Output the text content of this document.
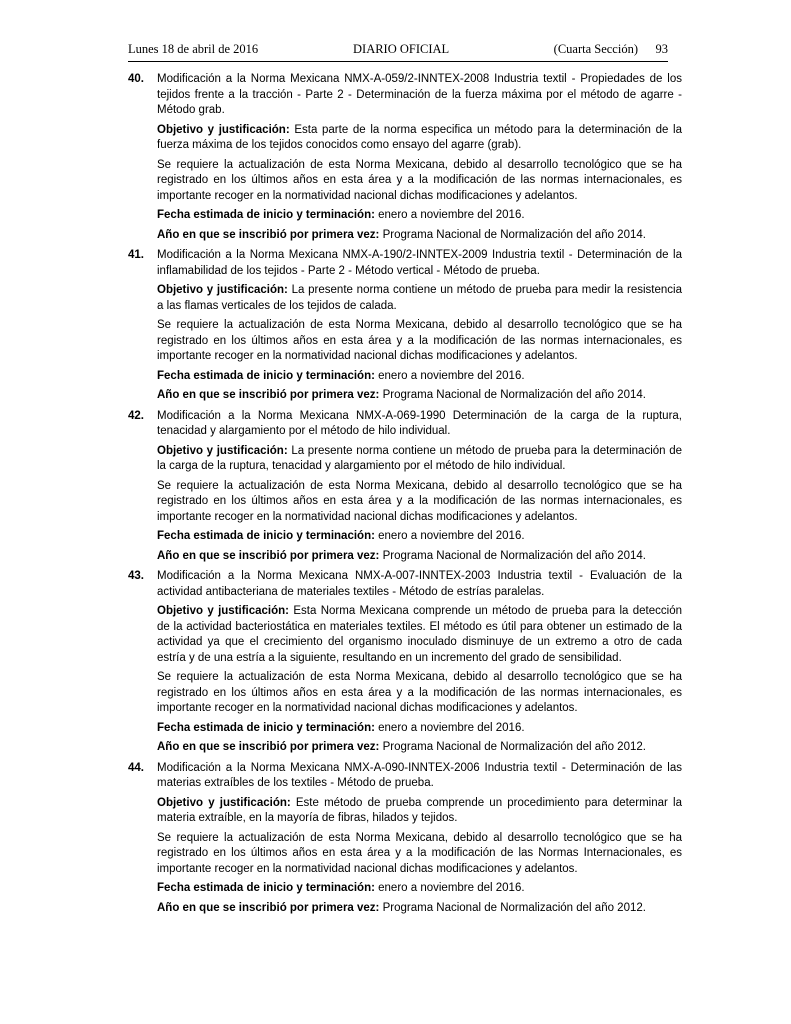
Lunes 18 de abril de 2016	DIARIO OFICIAL	(Cuarta Sección) 93
40. Modificación a la Norma Mexicana NMX-A-059/2-INNTEX-2008 Industria textil - Propiedades de los tejidos frente a la tracción - Parte 2 - Determinación de la fuerza máxima por el método de agarre - Método grab.

Objetivo y justificación: Esta parte de la norma especifica un método para la determinación de la fuerza máxima de los tejidos conocidos como ensayo del agarre (grab).

Se requiere la actualización de esta Norma Mexicana, debido al desarrollo tecnológico que se ha registrado en los últimos años en esta área y a la modificación de las normas internacionales, es importante recoger en la normatividad nacional dichas modificaciones y adelantos.

Fecha estimada de inicio y terminación: enero a noviembre del 2016.

Año en que se inscribió por primera vez: Programa Nacional de Normalización del año 2014.

41. Modificación a la Norma Mexicana NMX-A-190/2-INNTEX-2009 Industria textil - Determinación de la inflamabilidad de los tejidos - Parte 2 - Método vertical - Método de prueba.

Objetivo y justificación: La presente norma contiene un método de prueba para medir la resistencia a las flamas verticales de los tejidos de calada.

Se requiere la actualización de esta Norma Mexicana, debido al desarrollo tecnológico que se ha registrado en los últimos años en esta área y a la modificación de las normas internacionales, es importante recoger en la normatividad nacional dichas modificaciones y adelantos.

Fecha estimada de inicio y terminación: enero a noviembre del 2016.

Año en que se inscribió por primera vez: Programa Nacional de Normalización del año 2014.

42. Modificación a la Norma Mexicana NMX-A-069-1990 Determinación de la carga de la ruptura, tenacidad y alargamiento por el método de hilo individual.

Objetivo y justificación: La presente norma contiene un método de prueba para la determinación de la carga de la ruptura, tenacidad y alargamiento por el método de hilo individual.

Se requiere la actualización de esta Norma Mexicana, debido al desarrollo tecnológico que se ha registrado en los últimos años en esta área y a la modificación de las normas internacionales, es importante recoger en la normatividad nacional dichas modificaciones y adelantos.

Fecha estimada de inicio y terminación: enero a noviembre del 2016.

Año en que se inscribió por primera vez: Programa Nacional de Normalización del año 2014.

43. Modificación a la Norma Mexicana NMX-A-007-INNTEX-2003 Industria textil - Evaluación de la actividad antibacteriana de materiales textiles - Método de estrías paralelas.

Objetivo y justificación: Esta Norma Mexicana comprende un método de prueba para la detección de la actividad bacteriostática en materiales textiles. El método es útil para obtener un estimado de la actividad ya que el crecimiento del organismo inoculado disminuye de un extremo a otro de cada estría y de una estría a la siguiente, resultando en un incremento del grado de sensibilidad.

Se requiere la actualización de esta Norma Mexicana, debido al desarrollo tecnológico que se ha registrado en los últimos años en esta área y a la modificación de las normas internacionales, es importante recoger en la normatividad nacional dichas modificaciones y adelantos.

Fecha estimada de inicio y terminación: enero a noviembre del 2016.

Año en que se inscribió por primera vez: Programa Nacional de Normalización del año 2012.

44. Modificación a la Norma Mexicana NMX-A-090-INNTEX-2006 Industria textil - Determinación de las materias extraíbles de los textiles - Método de prueba.

Objetivo y justificación: Este método de prueba comprende un procedimiento para determinar la materia extraíble, en la mayoría de fibras, hilados y tejidos.

Se requiere la actualización de esta Norma Mexicana, debido al desarrollo tecnológico que se ha registrado en los últimos años en esta área y a la modificación de las Normas Internacionales, es importante recoger en la normatividad nacional dichas modificaciones y adelantos.

Fecha estimada de inicio y terminación: enero a noviembre del 2016.

Año en que se inscribió por primera vez: Programa Nacional de Normalización del año 2012.
